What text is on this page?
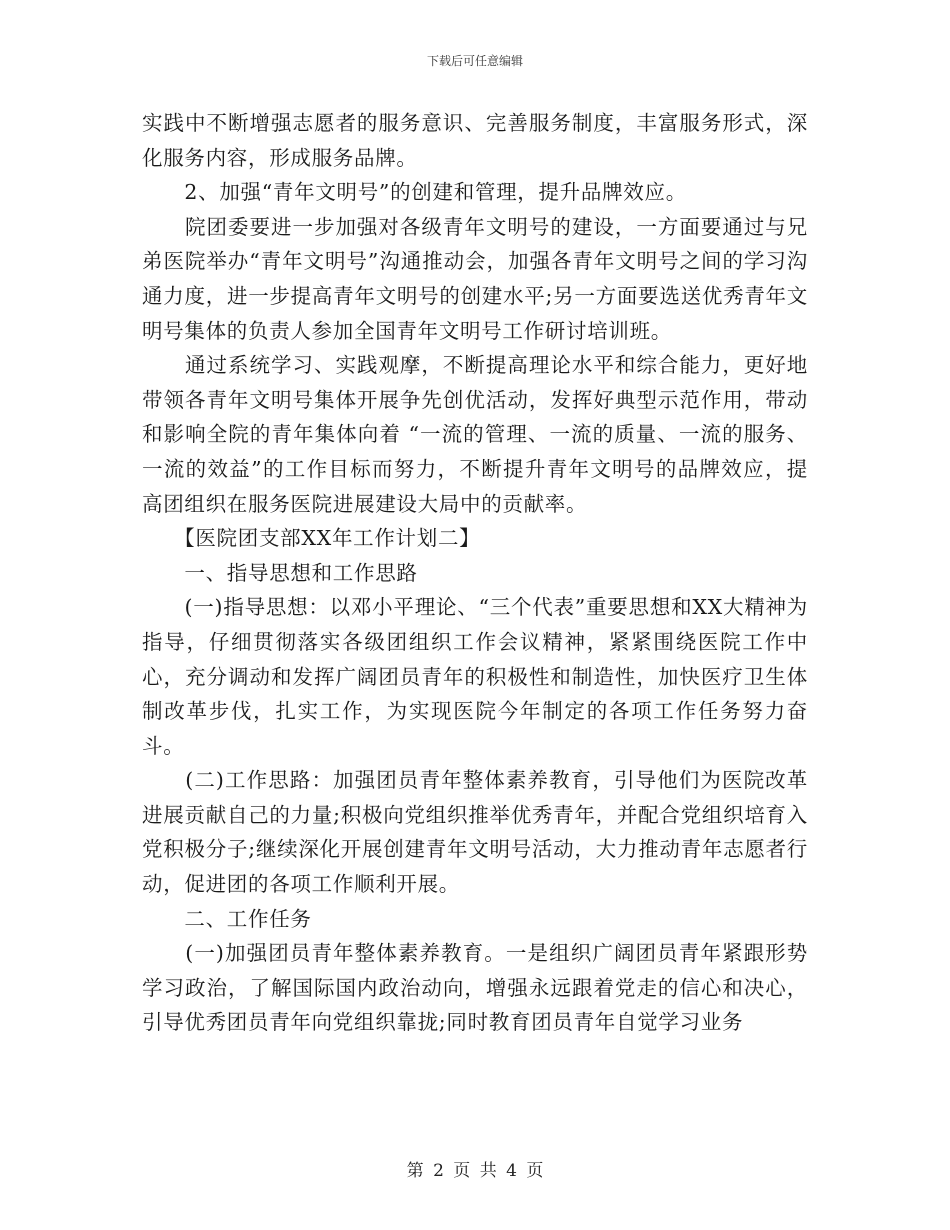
下载后可任意编辑

实践中不断增强志愿者的服务意识、完善服务制度，丰富服务形式，深化服务内容，形成服务品牌。

　　2、加强“青年文明号”的创建和管理，提升品牌效应。

　　院团委要进一步加强对各级青年文明号的建设，一方面要通过与兄弟医院举办“青年文明号”沟通推动会，加强各青年文明号之间的学习沟通力度，进一步提高青年文明号的创建水平;另一方面要选送优秀青年文明号集体的负责人参加全国青年文明号工作研讨培训班。

　　通过系统学习、实践观摩，不断提高理论水平和综合能力，更好地带领各青年文明号集体开展争先创优活动，发挥好典型示范作用，带动和影响全院的青年集体向着 “一流的管理、一流的质量、一流的服务、一流的效益”的工作目标而努力，不断提升青年文明号的品牌效应，提高团组织在服务医院进展建设大局中的贡献率。

　　【医院团支部XX年工作计划二】

　　一、指导思想和工作思路

　　(一)指导思想：以邓小平理论、“三个代表”重要思想和XX大精神为指导，仔细贯彻落实各级团组织工作会议精神，紧紧围绕医院工作中心，充分调动和发挥广阔团员青年的积极性和制造性，加快医疗卫生体制改革步伐，扎实工作，为实现医院今年制定的各项工作任务努力奋斗。

　　(二)工作思路：加强团员青年整体素养教育，引导他们为医院改革进展贡献自己的力量;积极向党组织推举优秀青年，并配合党组织培育入党积极分子;继续深化开展创建青年文明号活动，大力推动青年志愿者行动，促进团的各项工作顺利开展。

　　二、工作任务

　　(一)加强团员青年整体素养教育。一是组织广阔团员青年紧跟形势学习政治，了解国际国内政治动向，增强永远跟着党走的信心和决心，引导优秀团员青年向党组织靠拢;同时教育团员青年自觉学习业务

第 2 页 共 4 页
